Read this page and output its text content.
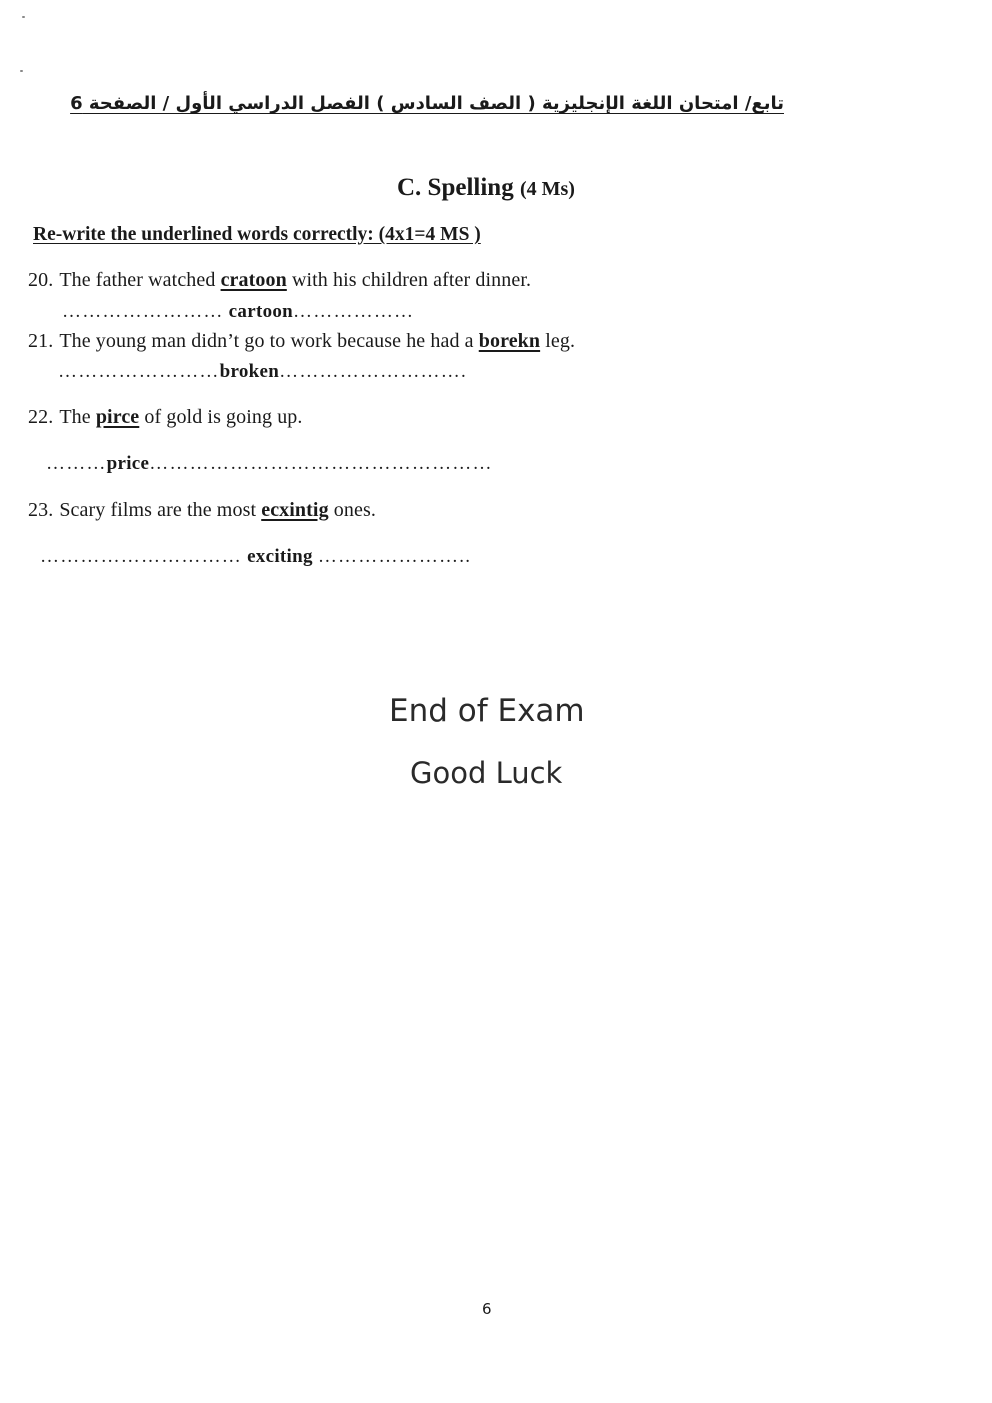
تابع/ امتحان اللغة الإنجليزية ( الصف السادس ) الفصل الدراسي الأول / الصفحة 6
C. Spelling (4 Ms)
Re-write the underlined words correctly: (4x1=4 MS )
20. The father watched cratoon with his children after dinner.
…………………… cartoon………………
21. The young man didn’t go to work because he had a borekn leg.
……………………broken……………………….
22. The pirce of gold is going up.
………price……………………………………………
23. Scary films are the most ecxintig ones.
………………………… exciting …………………..
End of Exam
Good Luck
6
